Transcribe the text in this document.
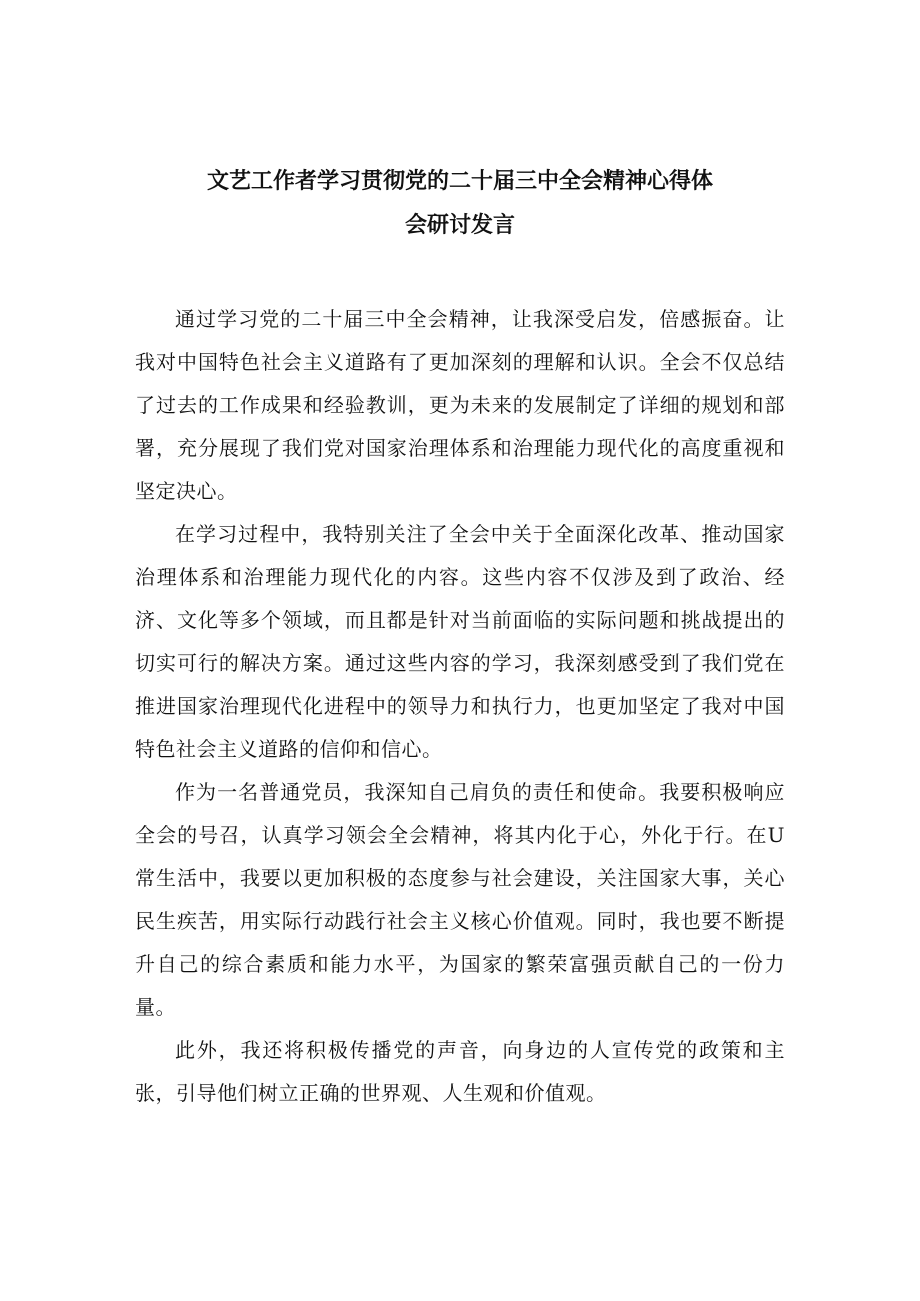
文艺工作者学习贯彻党的二十届三中全会精神心得体
会研讨发言

通过学习党的二十届三中全会精神，让我深受启发，倍感振奋。让我对中国特色社会主义道路有了更加深刻的理解和认识。全会不仅总结了过去的工作成果和经验教训，更为未来的发展制定了详细的规划和部署，充分展现了我们党对国家治理体系和治理能力现代化的高度重视和坚定决心。

在学习过程中，我特别关注了全会中关于全面深化改革、推动国家治理体系和治理能力现代化的内容。这些内容不仅涉及到了政治、经济、文化等多个领域，而且都是针对当前面临的实际问题和挑战提出的切实可行的解决方案。通过这些内容的学习，我深刻感受到了我们党在推进国家治理现代化进程中的领导力和执行力，也更加坚定了我对中国特色社会主义道路的信仰和信心。

作为一名普通党员，我深知自己肩负的责任和使命。我要积极响应全会的号召，认真学习领会全会精神，将其内化于心，外化于行。在U常生活中，我要以更加积极的态度参与社会建设，关注国家大事，关心民生疾苦，用实际行动践行社会主义核心价值观。同时，我也要不断提升自己的综合素质和能力水平，为国家的繁荣富强贡献自己的一份力量。

此外，我还将积极传播党的声音，向身边的人宣传党的政策和主张，引导他们树立正确的世界观、人生观和价值观。
